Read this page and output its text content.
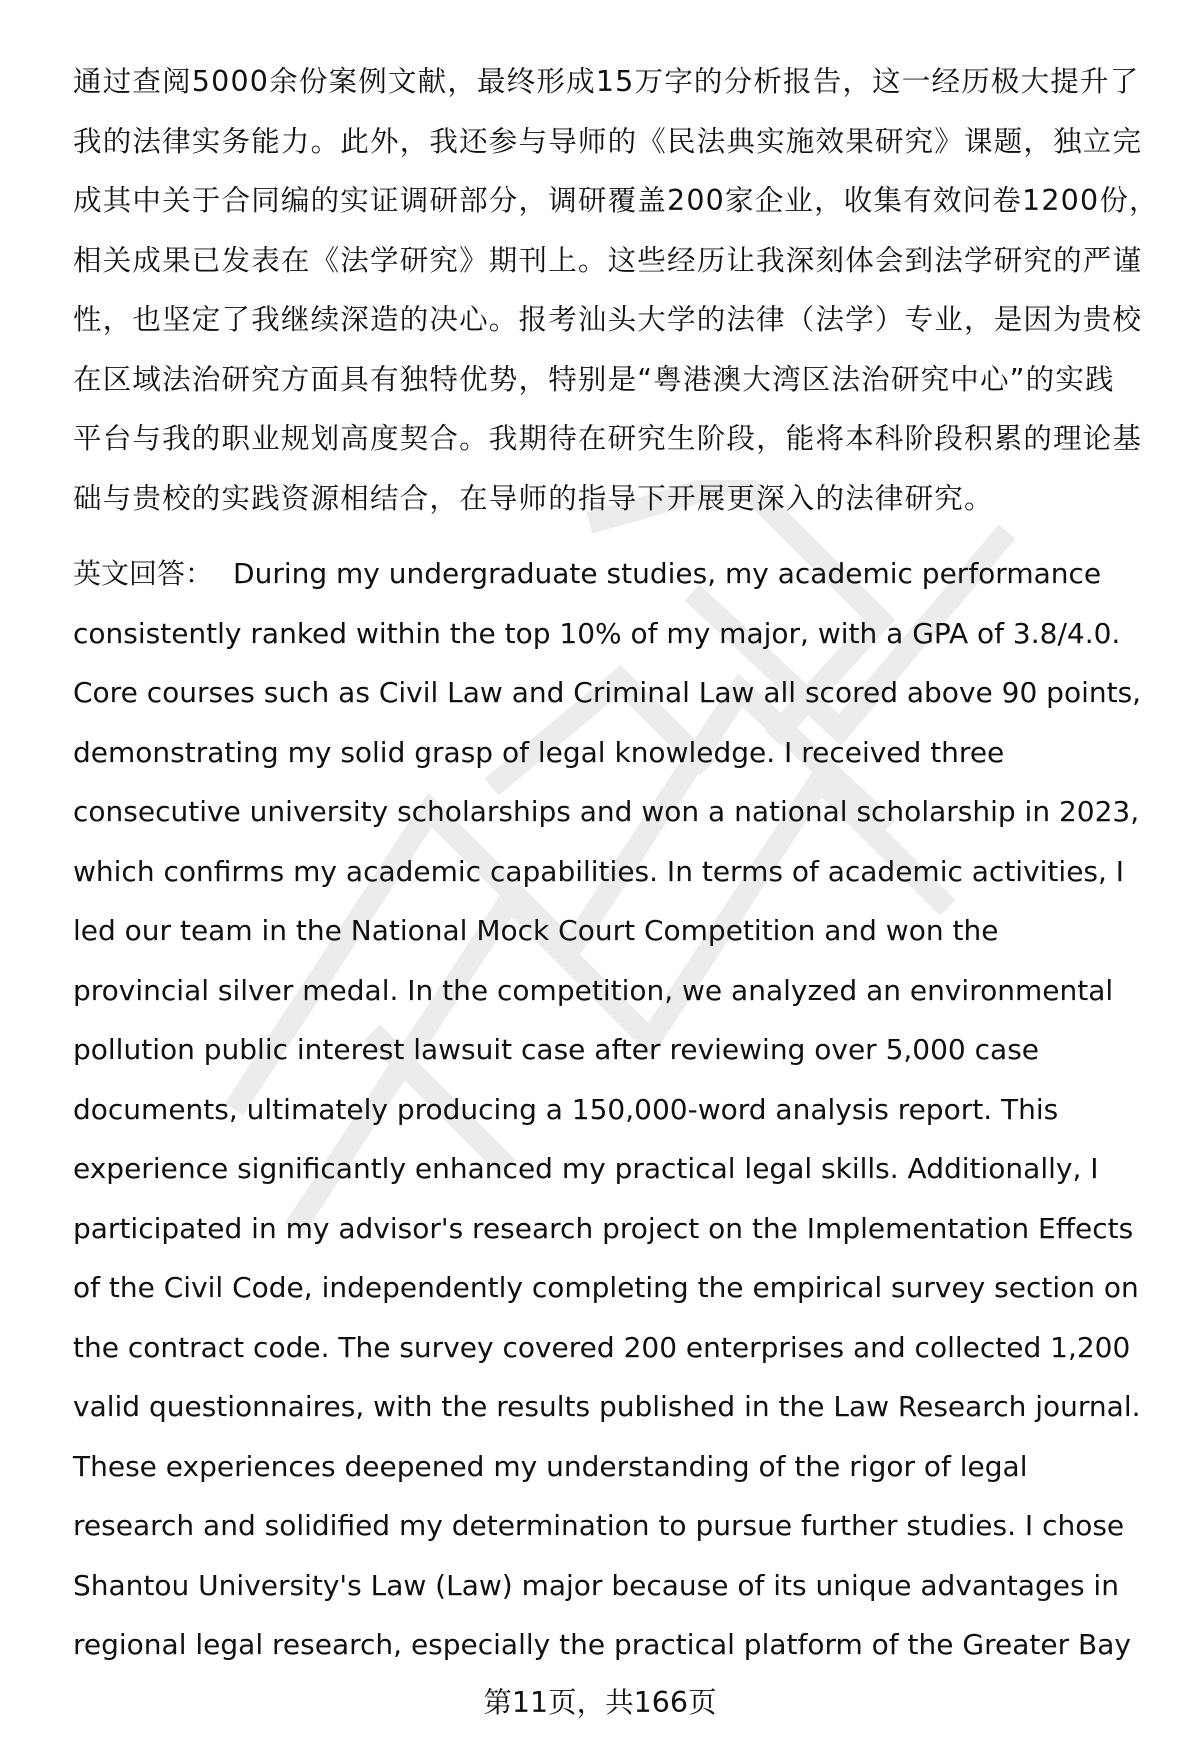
通过查阅5000余份案例文献，最终形成15万字的分析报告，这一经历极大提升了
我的法律实务能力。此外，我还参与导师的《民法典实施效果研究》课题，独立完
成其中关于合同编的实证调研部分，调研覆盖200家企业，收集有效问卷1200份，
相关成果已发表在《法学研究》期刊上。这些经历让我深刻体会到法学研究的严谨
性，也坚定了我继续深造的决心。报考汕头大学的法律（法学）专业，是因为贵校
在区域法治研究方面具有独特优势，特别是“粤港澳大湾区法治研究中心”的实践
平台与我的职业规划高度契合。我期待在研究生阶段，能将本科阶段积累的理论基
础与贵校的实践资源相结合，在导师的指导下开展更深入的法律研究。
英文回答： During my undergraduate studies, my academic performance
consistently ranked within the top 10% of my major, with a GPA of 3.8/4.0.
Core courses such as Civil Law and Criminal Law all scored above 90 points,
demonstrating my solid grasp of legal knowledge. I received three
consecutive university scholarships and won a national scholarship in 2023,
which confirms my academic capabilities. In terms of academic activities, I
led our team in the National Mock Court Competition and won the
provincial silver medal. In the competition, we analyzed an environmental
pollution public interest lawsuit case after reviewing over 5,000 case
documents, ultimately producing a 150,000-word analysis report. This
experience significantly enhanced my practical legal skills. Additionally, I
participated in my advisor's research project on the Implementation Effects
of the Civil Code, independently completing the empirical survey section on
the contract code. The survey covered 200 enterprises and collected 1,200
valid questionnaires, with the results published in the Law Research journal.
These experiences deepened my understanding of the rigor of legal
research and solidified my determination to pursue further studies. I chose
Shantou University's Law (Law) major because of its unique advantages in
regional legal research, especially the practical platform of the Greater Bay
第11页，共166页
